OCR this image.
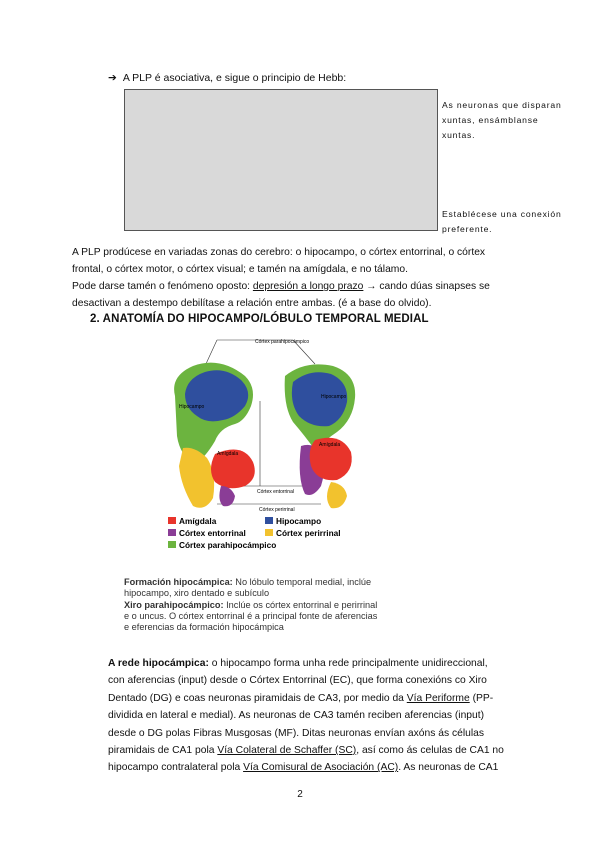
➔ A PLP é asociativa, e sigue o principio de Hebb:
As neuronas que disparan
xuntas, ensámblanse
xuntas.
Establécese una conexión
preferente.
A PLP prodúcese en variadas zonas do cerebro: o hipocampo, o córtex entorrinal, o córtex
frontal, o córtex motor, o córtex visual; e tamén na amígdala, e no tálamo.
Pode darse tamén o fenómeno oposto: depresión a longo prazo → cando dúas sinapses se
desactivan a destempo debilítase a relación entre ambas. (é a base do olvido).
2. ANATOMÍA DO HIPOCAMPO/LÓBULO TEMPORAL MEDIAL
Córtex parahipocámpico
Hipocampo
Hipocampo
Amígdala
Amígdala
Córtex entorrinal
Córtex perirrinal
Amígdala	Hipocampo
Córtex entorrinal	Córtex perirrinal
Córtex parahipocámpico
Formación hipocámpica: No lóbulo temporal medial, inclúe hipocampo, xiro dentado e subículo
Xiro parahipocámpico: Inclúe os córtex entorrinal e perirrinal e o uncus. O córtex entorrinal é a principal fonte de aferencias e eferencias da formación hipocámpica

A rede hipocámpica: o hipocampo forma unha rede principalmente unidireccional,

con aferencias (input) desde o Córtex Entorrinal (EC), que forma conexións co Xiro

Dentado (DG) e coas neuronas piramidais de CA3, por medio da Vía Periforme (PP-

dividida en lateral e medial). As neuronas de CA3 tamén reciben aferencias (input)

desde o DG polas Fibras Musgosas (MF). Ditas neuronas envían axóns ás células

piramidais de CA1 pola Vía Colateral de Schaffer (SC), así como ás celulas de CA1 no

hipocampo contralateral pola Vía Comisural de Asociación (AC). As neuronas de CA1

2
